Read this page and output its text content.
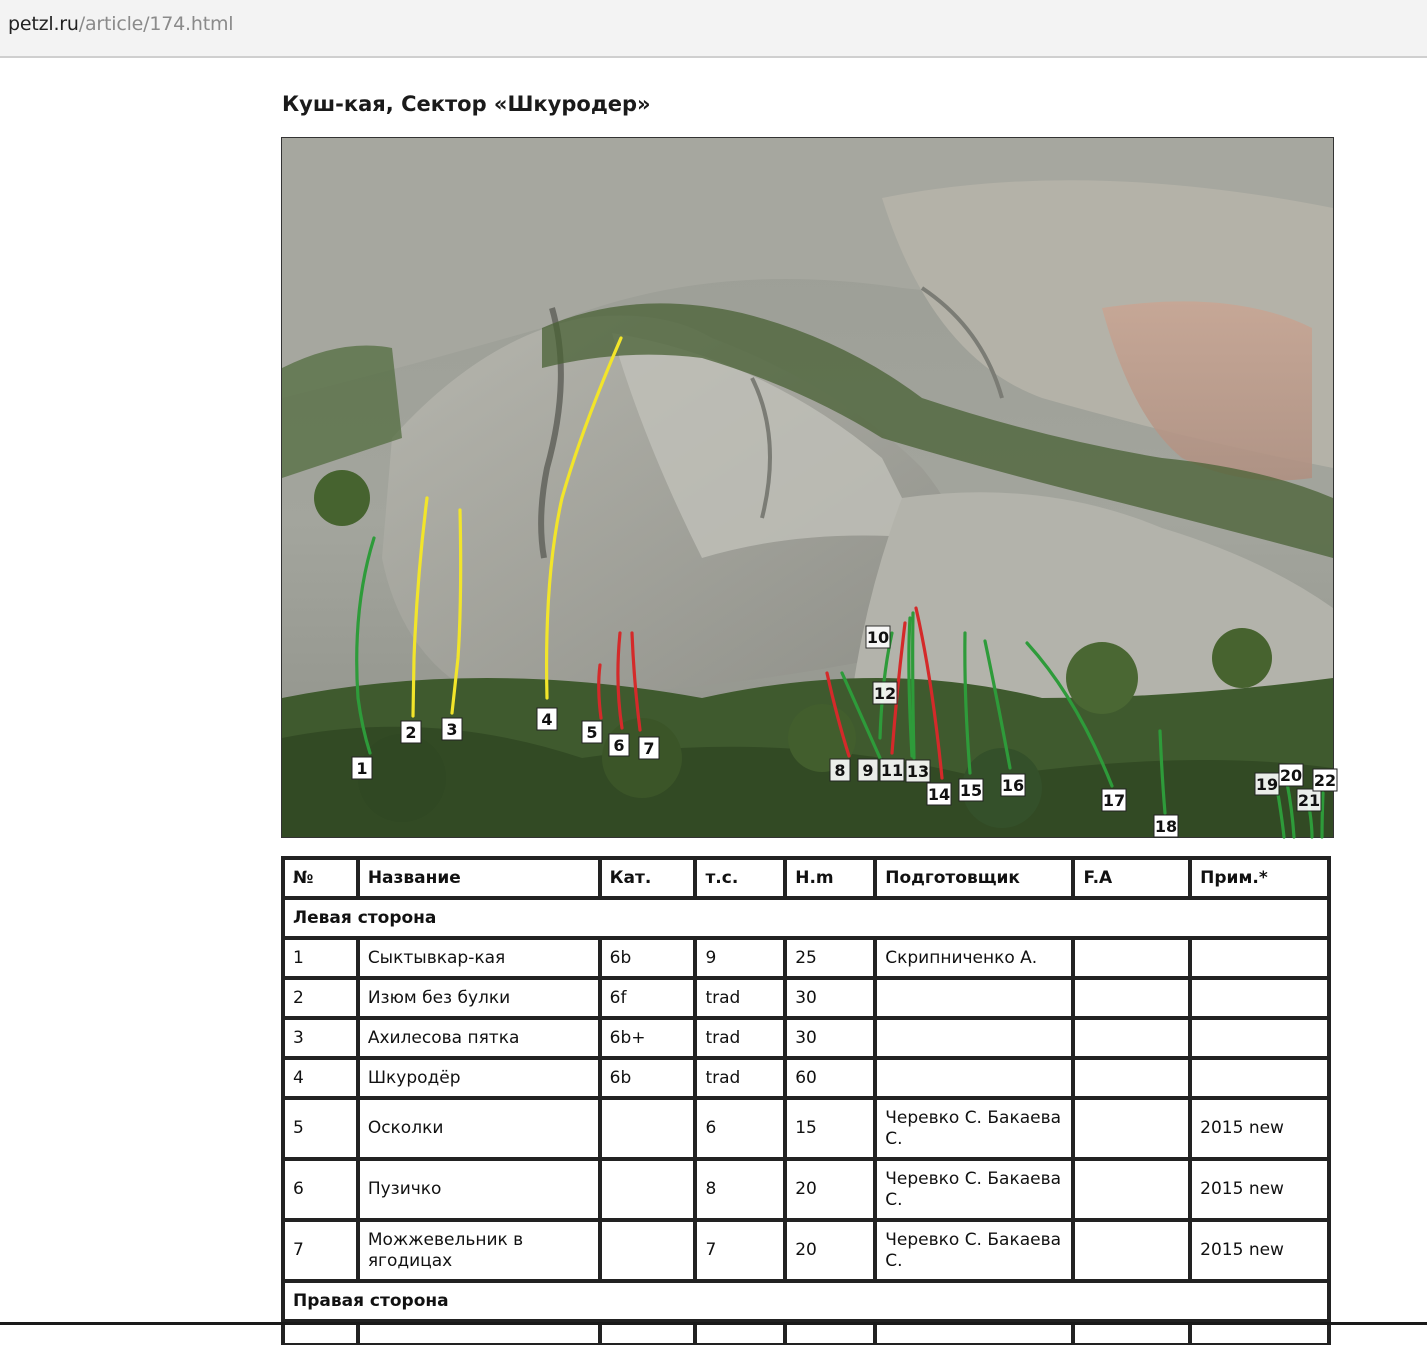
petzl.ru/article/174.html
Куш-кая, Сектор «Шкуродер»
1
2 3
4
5
6 7
8 9
10
11
12
13
14 15 16
17
18
19 20
21
22
№	Название	Кат.	т.с.	Н.m	Подготовщик	F.A	Прим.*
Левая сторона							
1	Сыктывкар-кая	6b	9	25	Скрипниченко А.		
2	Изюм без булки	6f	trad	30			
3	Ахилесова пятка	6b+	trad	30			
4	Шкуродёр	6b	trad	60			
5	Осколки		6	15	Черевко С. Бакаева С.		2015 new
6	Пузичко		8	20	Черевко С. Бакаева С.		2015 new
7	Можжевельник в ягодицах		7	20	Черевко С. Бакаева С.		2015 new
Правая сторона							
